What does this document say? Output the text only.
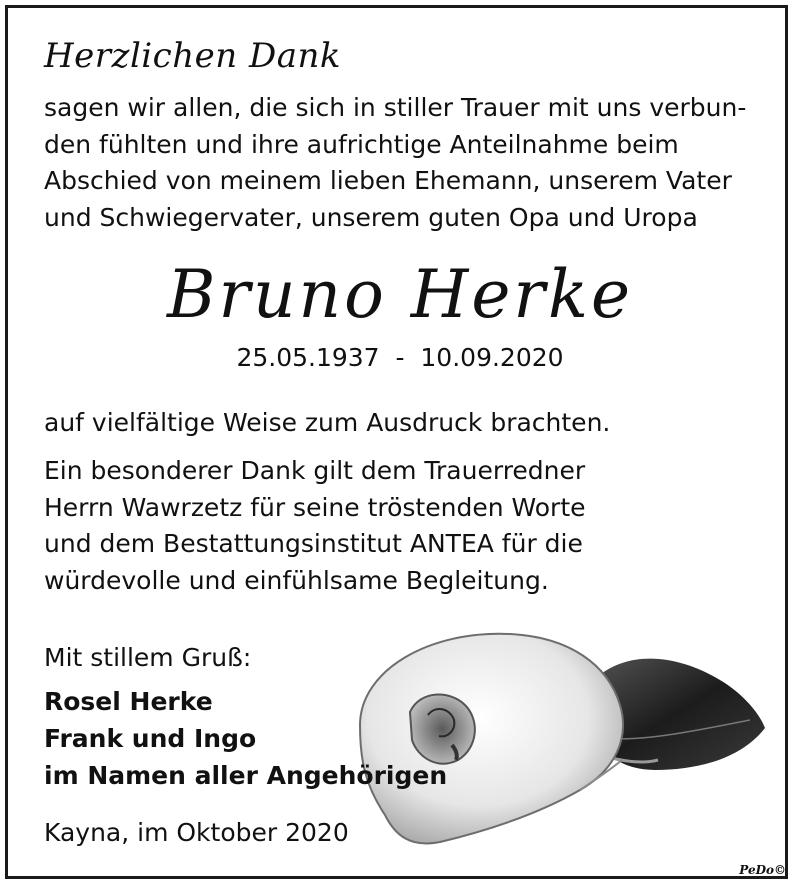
Herzlichen Dank
sagen wir allen, die sich in stiller Trauer mit uns verbun-
den fühlten und ihre aufrichtige Anteilnahme beim
Abschied von meinem lieben Ehemann, unserem Vater
und Schwiegervater, unserem guten Opa und Uropa
Bruno Herke
25.05.1937  -  10.09.2020
auf vielfältige Weise zum Ausdruck brachten.
Ein besonderer Dank gilt dem Trauerredner
Herrn Wawrzetz für seine tröstenden Worte
und dem Bestattungsinstitut ANTEA für die
würdevolle und einfühlsame Begleitung.
Mit stillem Gruß:
Rosel Herke
Frank und Ingo
im Namen aller Angehörigen
Kayna, im Oktober 2020
PeDo©
